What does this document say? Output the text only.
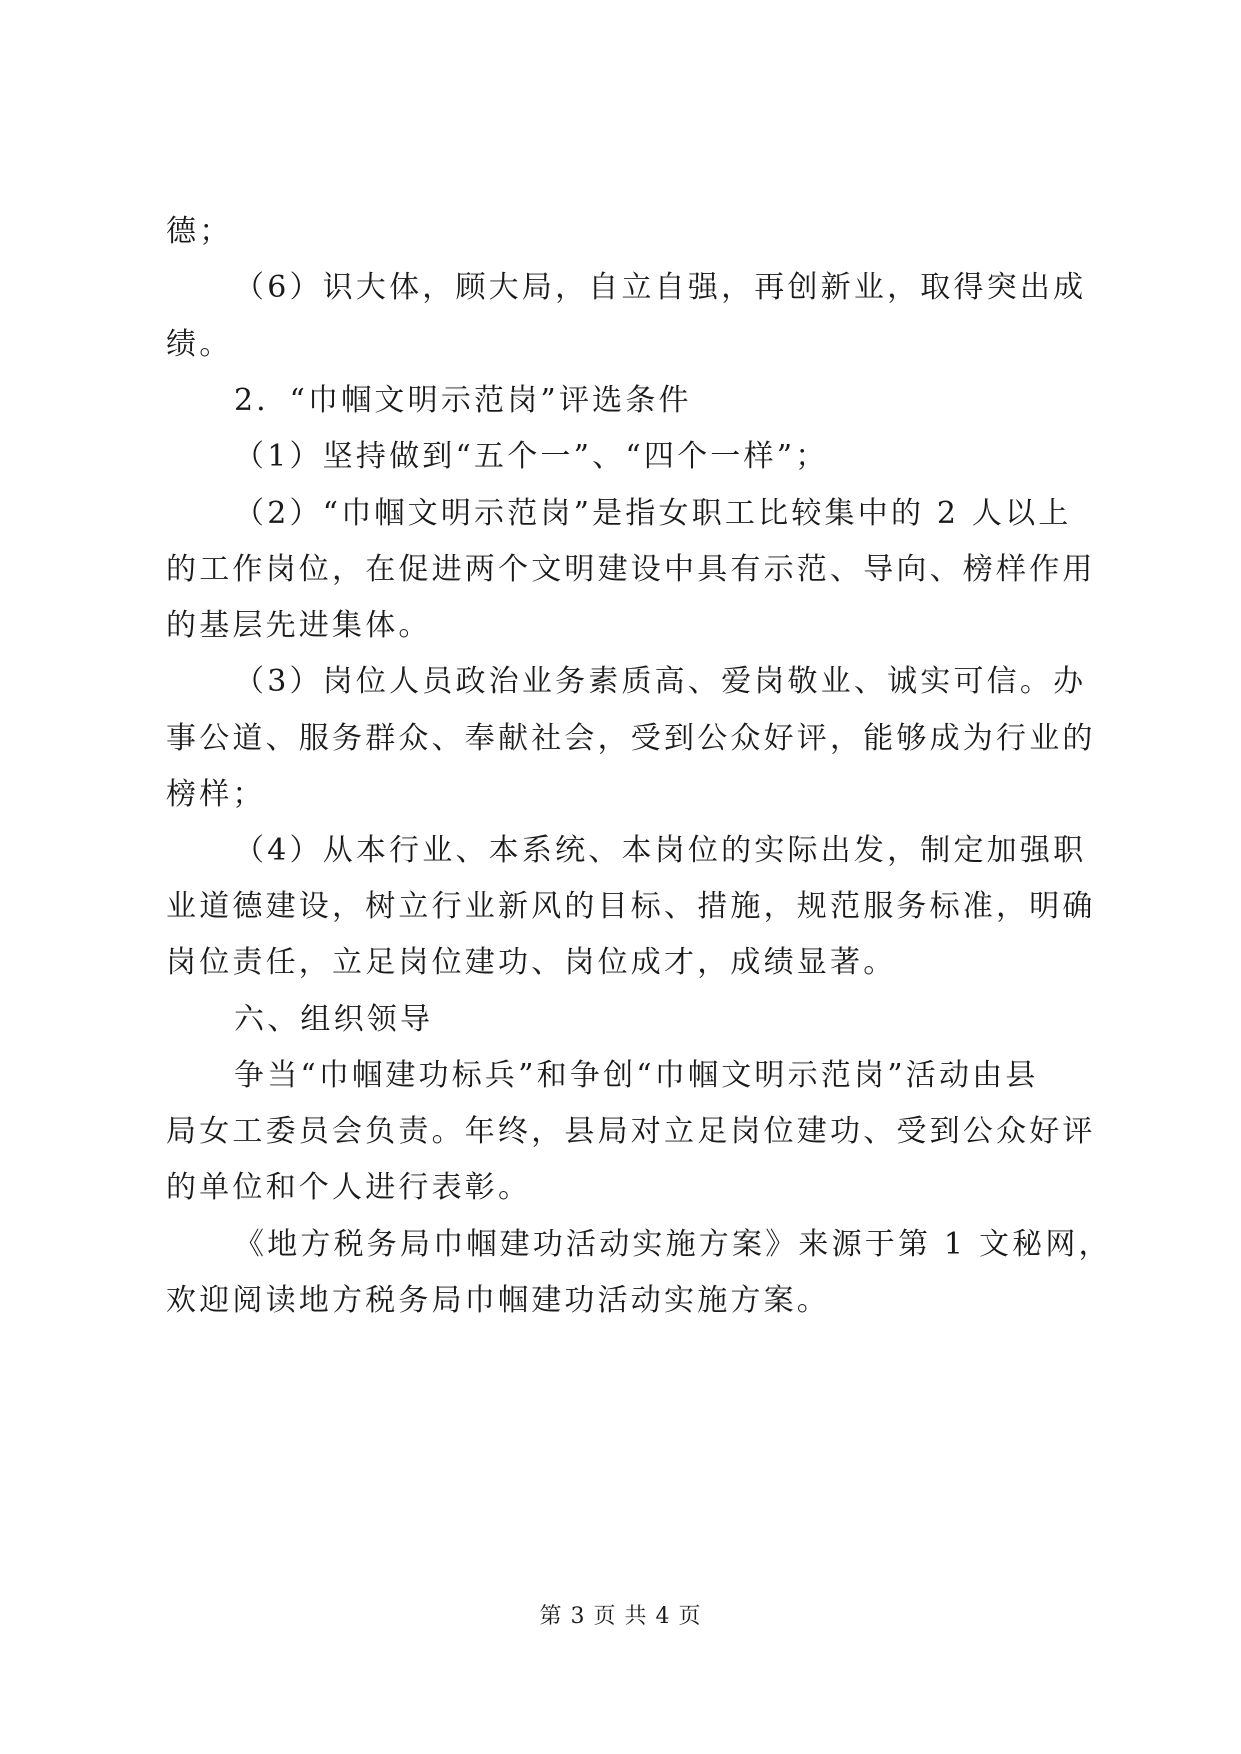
德；
（6）识大体，顾大局，自立自强，再创新业，取得突出成
绩。
2．“巾帼文明示范岗”评选条件
（1）坚持做到“五个一”、“四个一样”；
（2）“巾帼文明示范岗”是指女职工比较集中的 2 人以上
的工作岗位，在促进两个文明建设中具有示范、导向、榜样作用
的基层先进集体。
（3）岗位人员政治业务素质高、爱岗敬业、诚实可信。办
事公道、服务群众、奉献社会，受到公众好评，能够成为行业的
榜样；
（4）从本行业、本系统、本岗位的实际出发，制定加强职
业道德建设，树立行业新风的目标、措施，规范服务标准，明确
岗位责任，立足岗位建功、岗位成才，成绩显著。
六、组织领导
争当“巾帼建功标兵”和争创“巾帼文明示范岗”活动由县
局女工委员会负责。年终，县局对立足岗位建功、受到公众好评
的单位和个人进行表彰。
《地方税务局巾帼建功活动实施方案》来源于第 1 文秘网，
欢迎阅读地方税务局巾帼建功活动实施方案。
第 3 页 共 4 页
